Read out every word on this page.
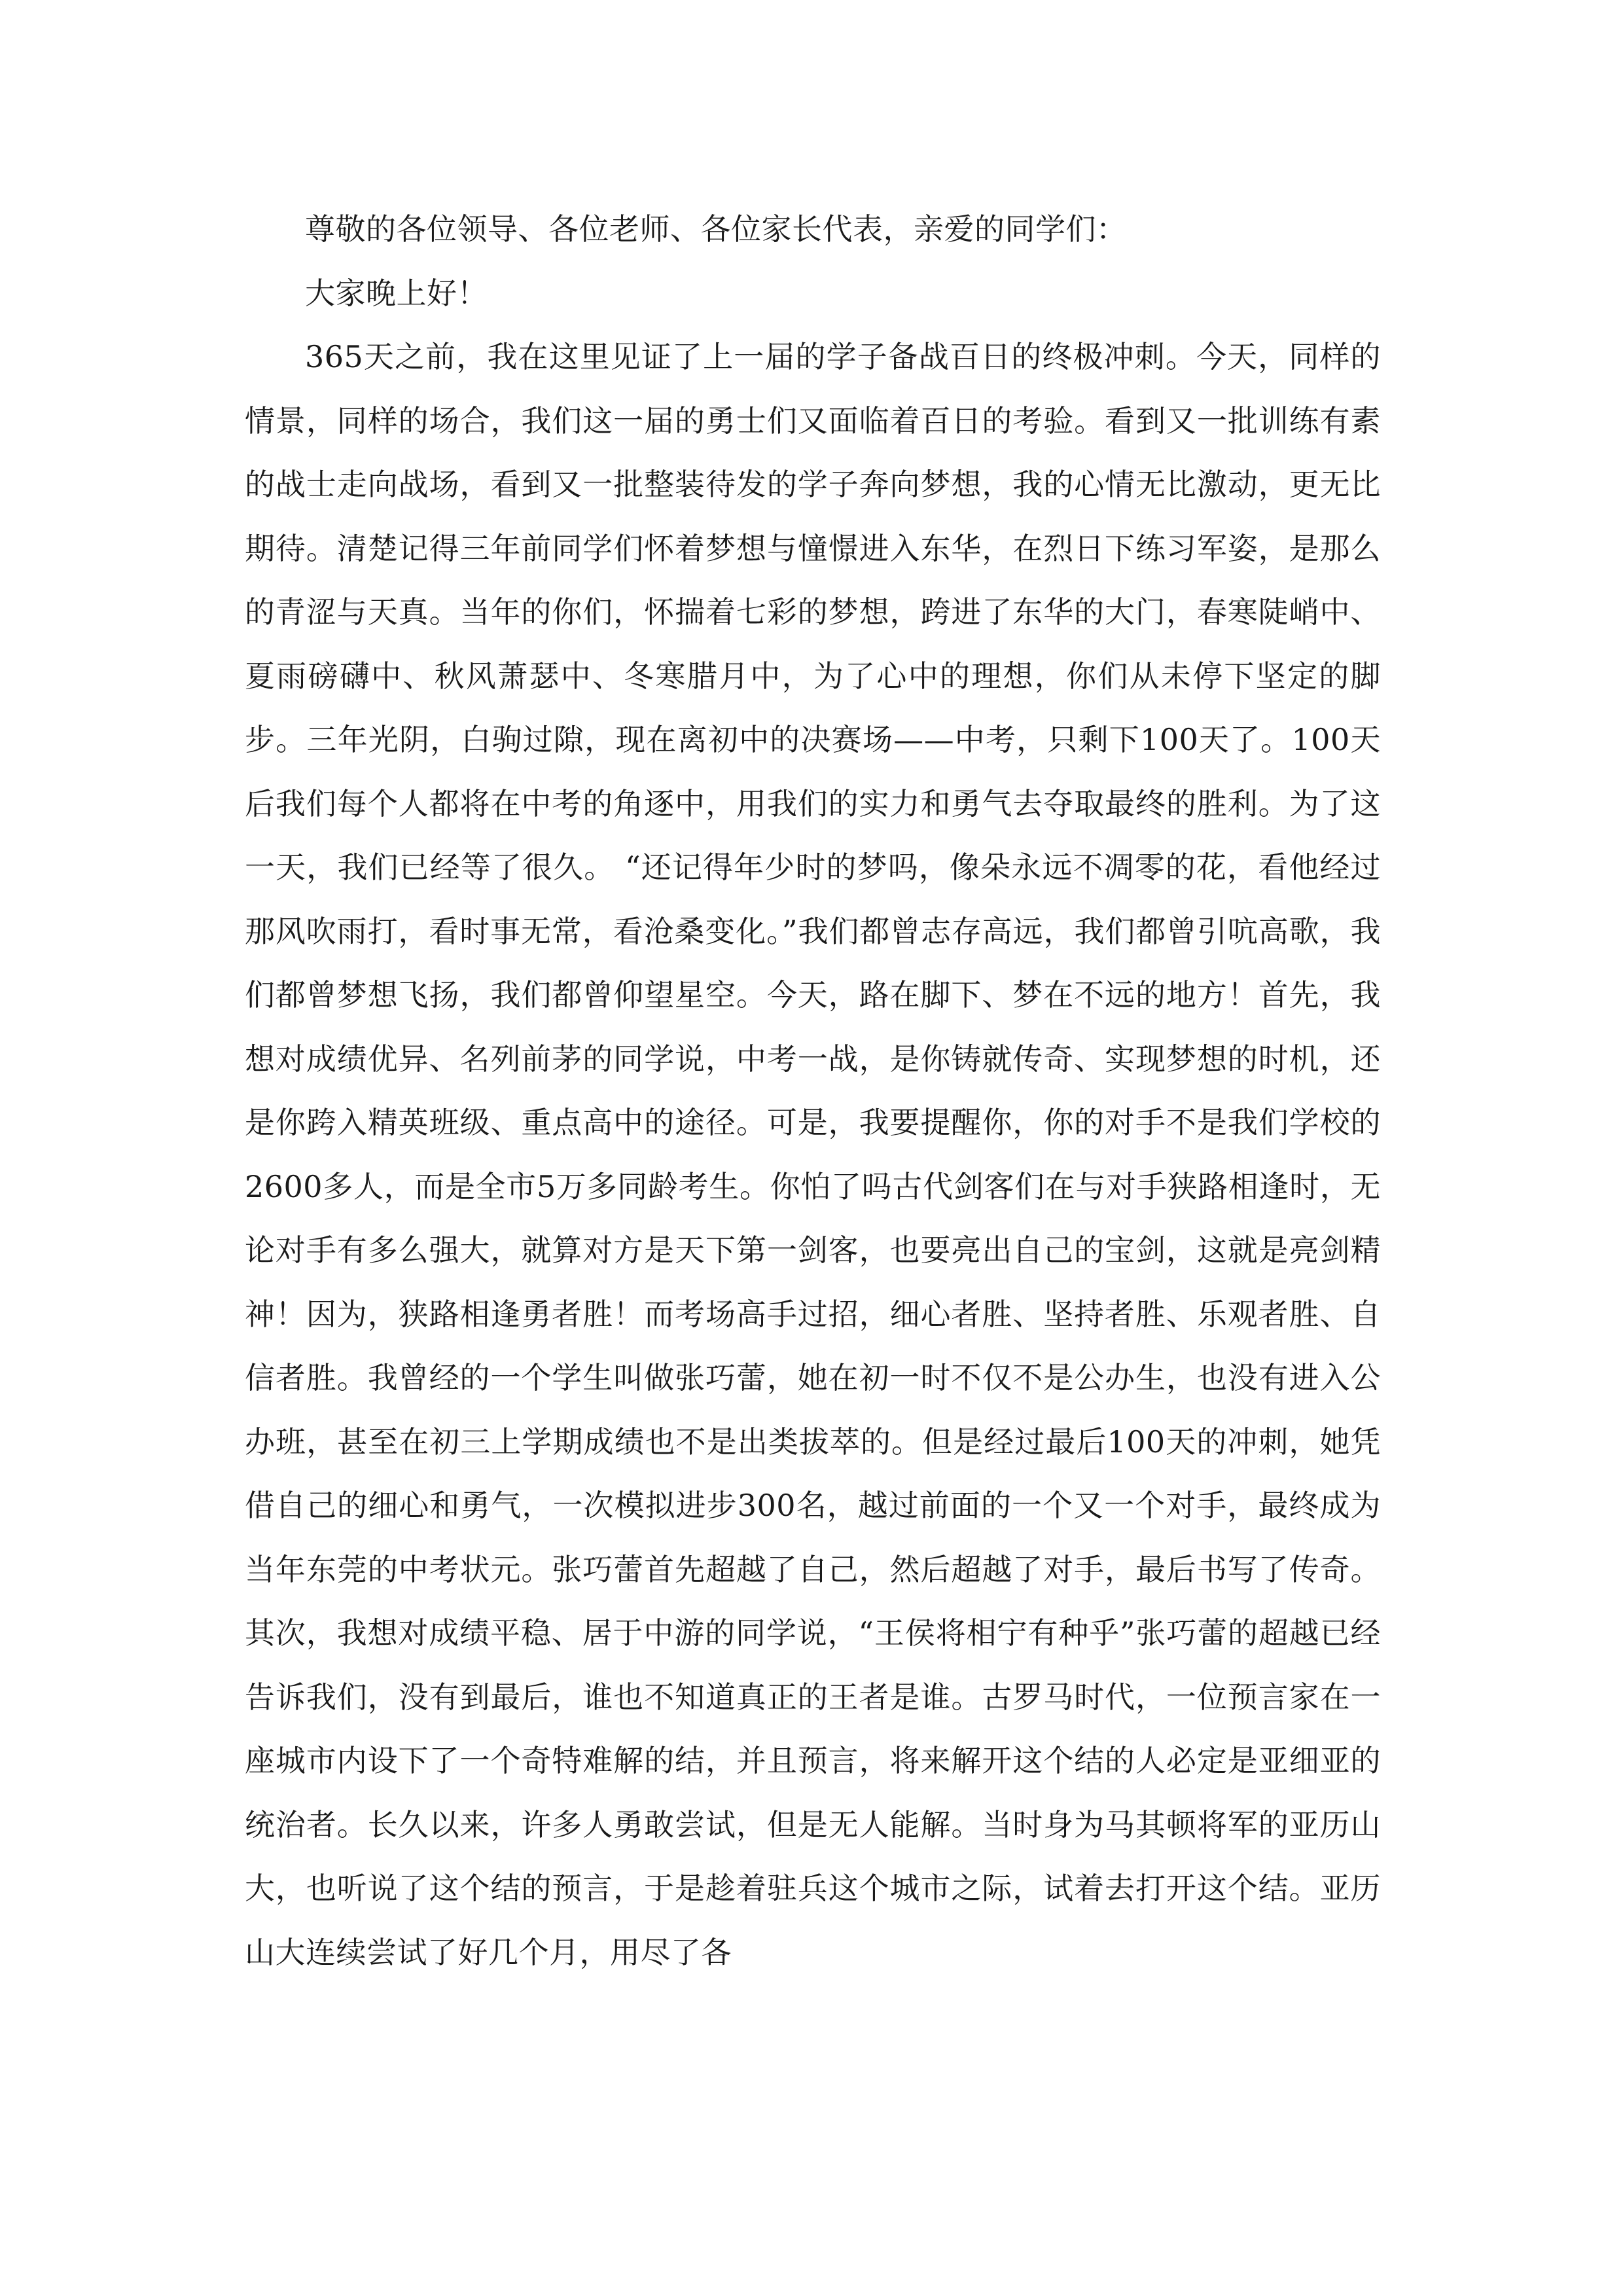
尊敬的各位领导、各位老师、各位家长代表，亲爱的同学们：

大家晚上好！

365天之前，我在这里见证了上一届的学子备战百日的终极冲刺。今天，同样的情景，同样的场合，我们这一届的勇士们又面临着百日的考验。看到又一批训练有素的战士走向战场，看到又一批整装待发的学子奔向梦想，我的心情无比激动，更无比期待。清楚记得三年前同学们怀着梦想与憧憬进入东华，在烈日下练习军姿，是那么的青涩与天真。当年的你们，怀揣着七彩的梦想，跨进了东华的大门，春寒陡峭中、夏雨磅礴中、秋风萧瑟中、冬寒腊月中，为了心中的理想，你们从未停下坚定的脚步。三年光阴，白驹过隙，现在离初中的决赛场——中考，只剩下100天了。100天后我们每个人都将在中考的角逐中，用我们的实力和勇气去夺取最终的胜利。为了这一天，我们已经等了很久。 “还记得年少时的梦吗，像朵永远不凋零的花，看他经过那风吹雨打，看时事无常，看沧桑变化。”我们都曾志存高远，我们都曾引吭高歌，我们都曾梦想飞扬，我们都曾仰望星空。今天，路在脚下、梦在不远的地方！首先，我想对成绩优异、名列前茅的同学说，中考一战，是你铸就传奇、实现梦想的时机，还是你跨入精英班级、重点高中的途径。可是，我要提醒你，你的对手不是我们学校的2600多人，而是全市5万多同龄考生。你怕了吗古代剑客们在与对手狭路相逢时，无论对手有多么强大，就算对方是天下第一剑客，也要亮出自己的宝剑，这就是亮剑精神！因为，狭路相逢勇者胜！而考场高手过招，细心者胜、坚持者胜、乐观者胜、自信者胜。我曾经的一个学生叫做张巧蕾，她在初一时不仅不是公办生，也没有进入公办班，甚至在初三上学期成绩也不是出类拔萃的。但是经过最后100天的冲刺，她凭借自己的细心和勇气，一次模拟进步300名，越过前面的一个又一个对手，最终成为当年东莞的中考状元。张巧蕾首先超越了自己，然后超越了对手，最后书写了传奇。其次，我想对成绩平稳、居于中游的同学说，“王侯将相宁有种乎”张巧蕾的超越已经告诉我们，没有到最后，谁也不知道真正的王者是谁。古罗马时代，一位预言家在一座城市内设下了一个奇特难解的结，并且预言，将来解开这个结的人必定是亚细亚的统治者。长久以来，许多人勇敢尝试，但是无人能解。当时身为马其顿将军的亚历山大，也听说了这个结的预言，于是趁着驻兵这个城市之际，试着去打开这个结。亚历山大连续尝试了好几个月，用尽了各
